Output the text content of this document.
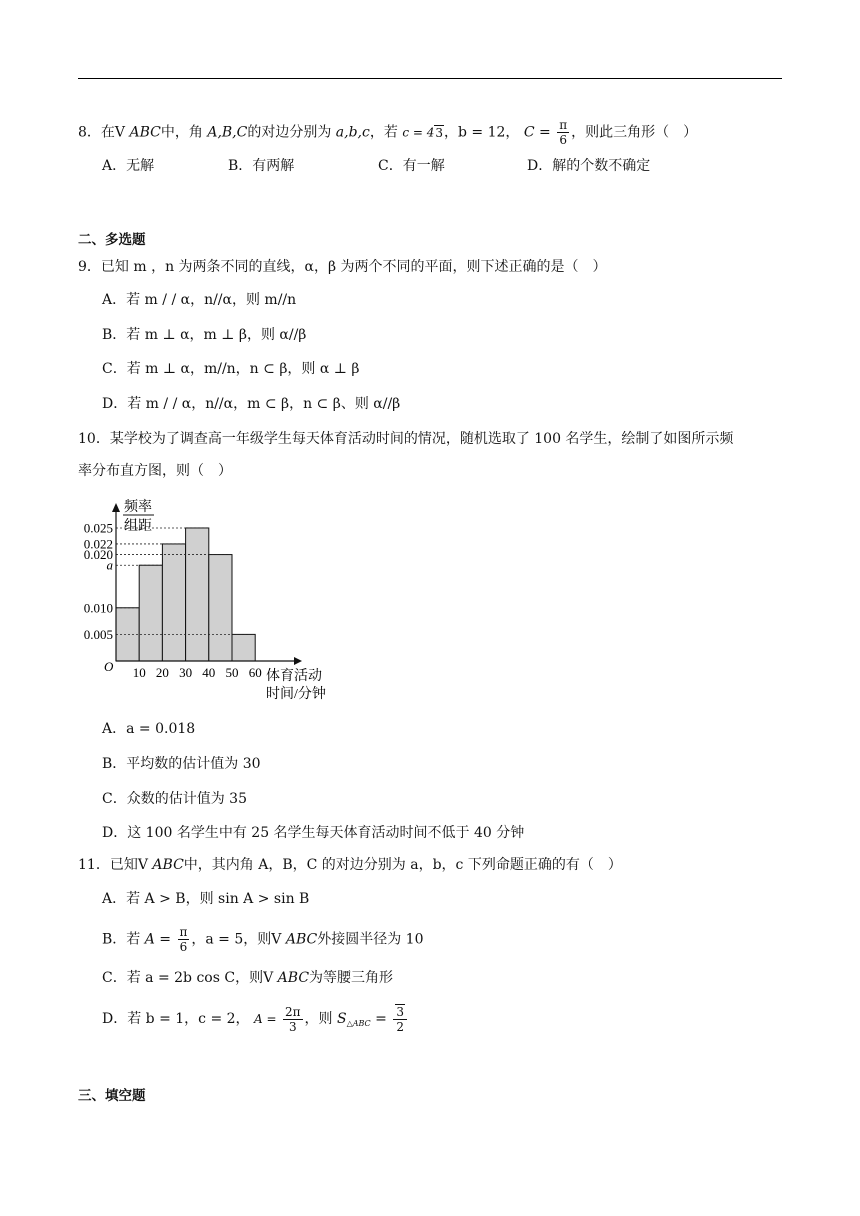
8．在V ABC中，角 A,B,C的对边分别为 a,b,c，若 c = 43，b = 12， $C = \frac{\pi}{6}$ ，则此三角形（　）
A．无解	B．有两解	C．有一解	D．解的个数不确定
二、多选题
9．已知 m ，n 为两条不同的直线，α，β 为两个不同的平面，则下述正确的是（　）
A．若 m / / α，n//α，则 m//n
B．若 m ⊥ α，m ⊥ β，则 α//β
C．若 m ⊥ α，m//n，n ⊂ β，则 α ⊥ β
D．若 m / / α，n//α，m ⊂ β，n ⊂ β、则 α//β
10．某学校为了调查高一年级学生每天体育活动时间的情况，随机选取了 100 名学生，绘制了如图所示频
率分布直方图，则（　）
0.025
0.022
0.020
a
0.010
0.005
10 20 30 40 50 60
频率
组距
O
体育活动
时间/分钟
A．a = 0.018
B．平均数的估计值为 30
C．众数的估计值为 35
D．这 100 名学生中有 25 名学生每天体育活动时间不低于 40 分钟
11．已知V ABC中，其内角 A，B，C 的对边分别为 a，b，c 下列命题正确的有（　）
A．若 A > B，则 sin A > sin B
B．若 $A = \frac{\pi}{6}$ ，a = 5，则V ABC外接圆半径为 10
C．若 a = 2b cos C，则V ABC为等腰三角形
D．若 b = 1，c = 2， $A = \frac{2\pi}{3}$ ，则 $S_{\triangle ABC} = \frac{3}{2}$
三、填空题
